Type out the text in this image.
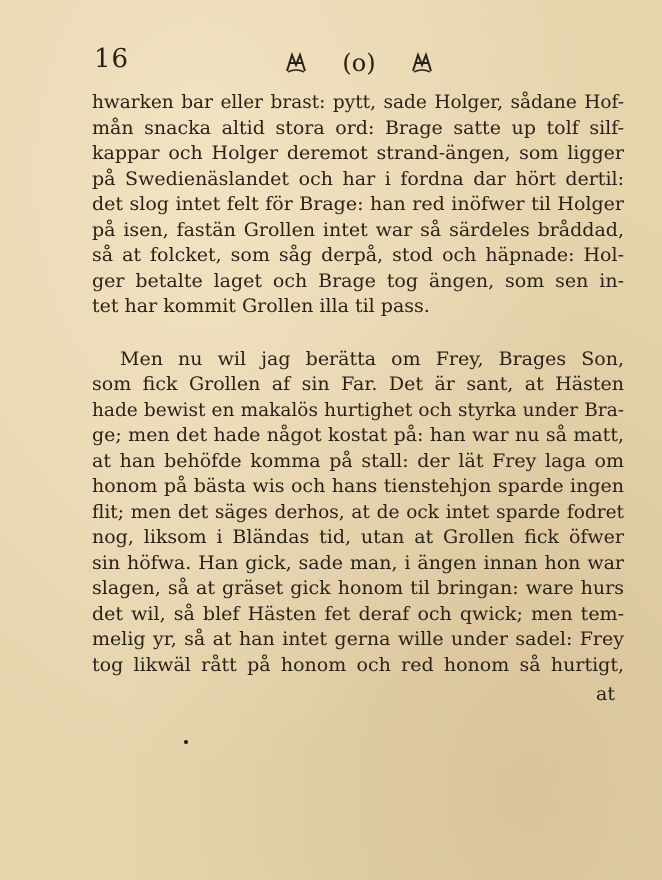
16	(o)

hwarken bar eller brast: pytt, sade Holger, sådane Hof-
mån snacka altid stora ord: Brage satte up tolf silf-
kappar och Holger deremot strand-ängen, som ligger
på Swedienäslandet och har i fordna dar hört dertil:
det slog intet felt för Brage: han red inöfwer til Holger
på isen, fastän Grollen intet war så särdeles bråddad,
så at folcket, som såg derpå, stod och häpnade: Hol-
ger betalte laget och Brage tog ängen, som sen in-
tet har kommit Grollen illa til pass.

Men nu wil jag berätta om Frey, Brages Son,
som fick Grollen af sin Far. Det är sant, at Hästen
hade bewist en makalös hurtighet och styrka under Bra-
ge; men det hade något kostat på: han war nu så matt,
at han behöfde komma på stall: der lät Frey laga om
honom på bästa wis och hans tienstehjon sparde ingen
flit; men det säges derhos, at de ock intet sparde fodret
nog, liksom i Bländas tid, utan at Grollen fick öfwer
sin höfwa. Han gick, sade man, i ängen innan hon war
slagen, så at gräset gick honom til bringan: ware hurs
det wil, så blef Hästen fet deraf och qwick; men tem-
melig yr, så at han intet gerna wille under sadel: Frey
tog likwäl rått på honom och red honom så hurtigt,

at
